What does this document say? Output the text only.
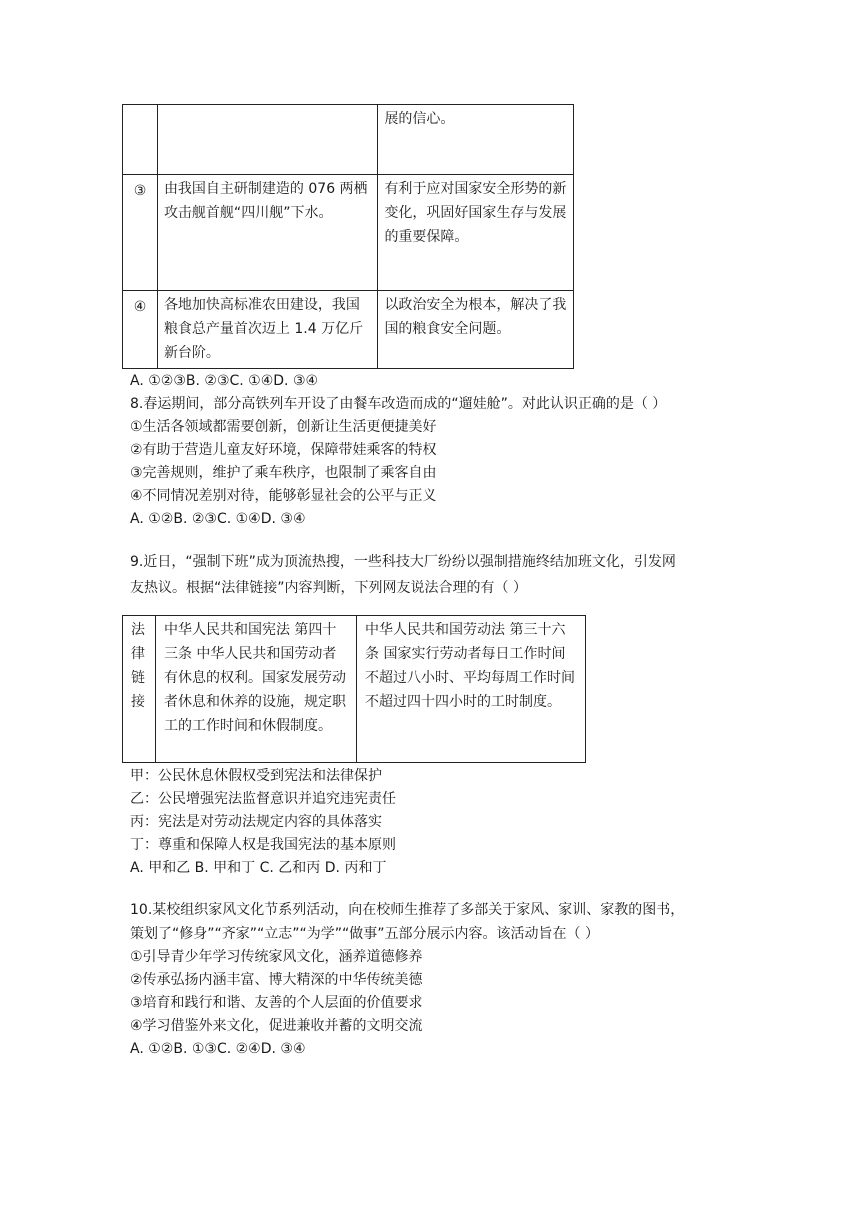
		展的信心。
③	由我国自主研制建造的 076 两栖攻击舰首舰“四川舰”下水。	有利于应对国家安全形势的新变化，巩固好国家生存与发展的重要保障。
④	各地加快高标准农田建设，我国粮食总产量首次迈上 1.4 万亿斤新台阶。	以政治安全为根本，解决了我国的粮食安全问题。
A. ①②③B. ②③C. ①④D. ③④
8.春运期间，部分高铁列车开设了由餐车改造而成的“遛娃舱”。对此认识正确的是（ ）
①生活各领域都需要创新，创新让生活更便捷美好
②有助于营造儿童友好环境，保障带娃乘客的特权
③完善规则，维护了乘车秩序，也限制了乘客自由
④不同情况差别对待，能够彰显社会的公平与正义
A. ①②B. ②③C. ①④D. ③④
9.近日，“强制下班”成为顶流热搜，一些科技大厂纷纷以强制措施终结加班文化，引发网
友热议。根据“法律链接”内容判断，下列网友说法合理的有（ ）
法律链接	中华人民共和国宪法 第四十三条 中华人民共和国劳动者有休息的权利。国家发展劳动者休息和休养的设施，规定职工的工作时间和休假制度。	中华人民共和国劳动法 第三十六条 国家实行劳动者每日工作时间不超过八小时、平均每周工作时间不超过四十四小时的工时制度。
甲：公民休息休假权受到宪法和法律保护
乙：公民增强宪法监督意识并追究违宪责任
丙：宪法是对劳动法规定内容的具体落实
丁：尊重和保障人权是我国宪法的基本原则
A. 甲和乙 B. 甲和丁 C. 乙和丙 D. 丙和丁
10.某校组织家风文化节系列活动，向在校师生推荐了多部关于家风、家训、家教的图书，
策划了“修身”“齐家”“立志”“为学”“做事”五部分展示内容。该活动旨在（ ）
①引导青少年学习传统家风文化，涵养道德修养
②传承弘扬内涵丰富、博大精深的中华传统美德
③培育和践行和谐、友善的个人层面的价值要求
④学习借鉴外来文化，促进兼收并蓄的文明交流
A. ①②B. ①③C. ②④D. ③④
